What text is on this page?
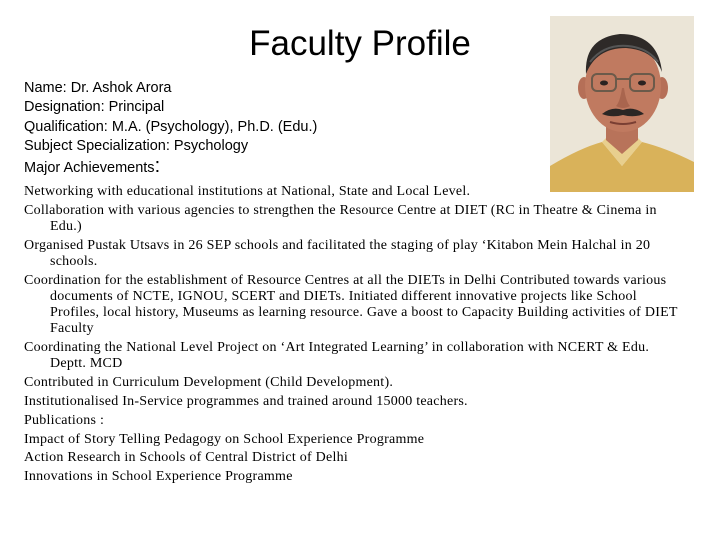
Faculty Profile
Name: Dr. Ashok Arora
Designation: Principal
Qualification: M.A. (Psychology), Ph.D. (Edu.)
Subject Specialization: Psychology
Major Achievements:
Networking with educational institutions at National, State and Local Level.
Collaboration with various agencies to strengthen the Resource Centre at DIET (RC in Theatre & Cinema in Edu.)
Organised Pustak Utsavs in 26 SEP schools and facilitated the staging of play ‘Kitabon Mein Halchal in 20 schools.
Coordination for the establishment of Resource Centres at all the DIETs in Delhi Contributed towards various documents of NCTE, IGNOU, SCERT and DIETs. Initiated different innovative projects like School Profiles, local history, Museums as learning resource. Gave a boost to Capacity Building activities of DIET Faculty
Coordinating the National Level Project on ‘Art Integrated Learning’ in collaboration with NCERT & Edu. Deptt. MCD
Contributed in Curriculum Development (Child Development).
Institutionalised In-Service programmes and trained around 15000 teachers.
Publications :
Impact of Story Telling Pedagogy on School Experience Programme
Action Research in Schools of Central District of Delhi
Innovations in School Experience Programme
